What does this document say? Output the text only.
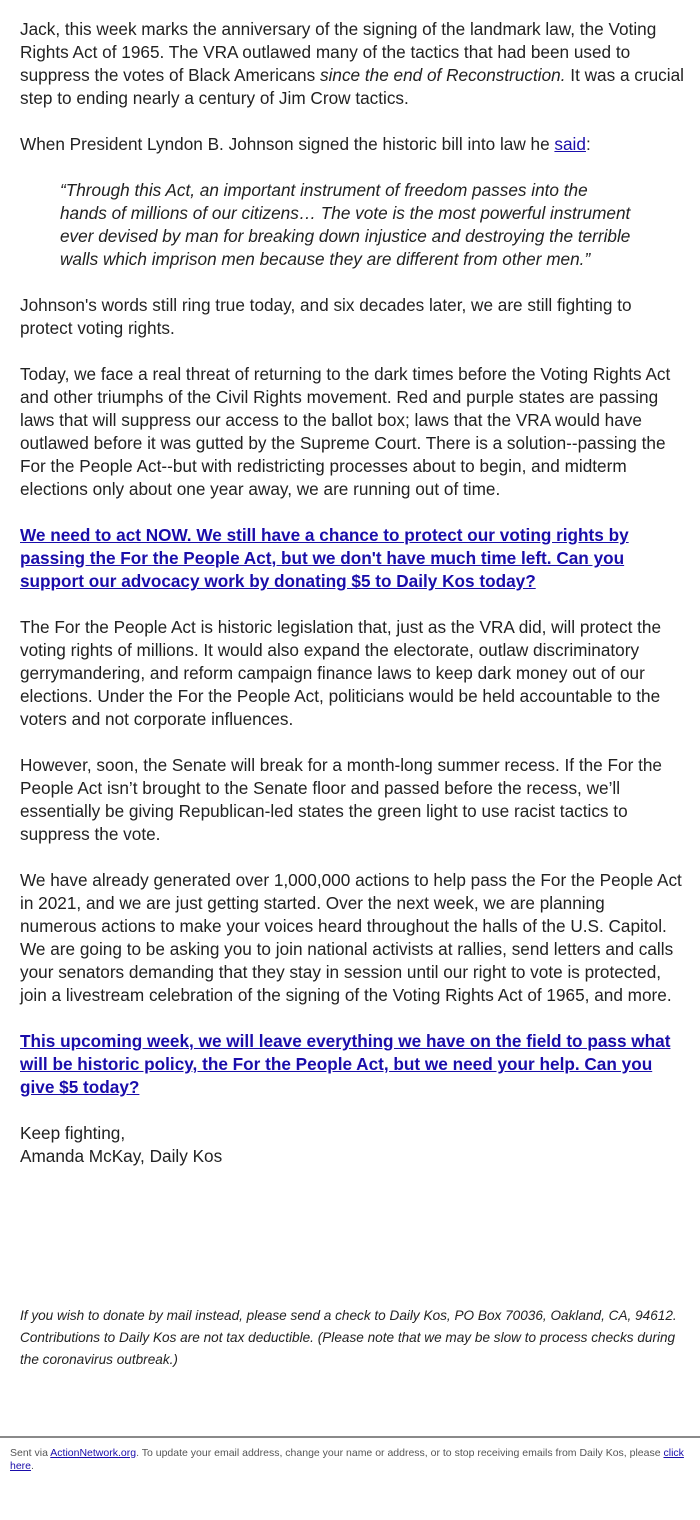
Jack, this week marks the anniversary of the signing of the landmark law, the Voting Rights Act of 1965. The VRA outlawed many of the tactics that had been used to suppress the votes of Black Americans since the end of Reconstruction. It was a crucial step to ending nearly a century of Jim Crow tactics.

When President Lyndon B. Johnson signed the historic bill into law he said:

“Through this Act, an important instrument of freedom passes into the hands of millions of our citizens… The vote is the most powerful instrument ever devised by man for breaking down injustice and destroying the terrible walls which imprison men because they are different from other men.”

Johnson's words still ring true today, and six decades later, we are still fighting to protect voting rights.

Today, we face a real threat of returning to the dark times before the Voting Rights Act and other triumphs of the Civil Rights movement. Red and purple states are passing laws that will suppress our access to the ballot box; laws that the VRA would have outlawed before it was gutted by the Supreme Court. There is a solution--passing the For the People Act--but with redistricting processes about to begin, and midterm elections only about one year away, we are running out of time.

We need to act NOW. We still have a chance to protect our voting rights by passing the For the People Act, but we don't have much time left. Can you support our advocacy work by donating $5 to Daily Kos today?

The For the People Act is historic legislation that, just as the VRA did, will protect the voting rights of millions. It would also expand the electorate, outlaw discriminatory gerrymandering, and reform campaign finance laws to keep dark money out of our elections. Under the For the People Act, politicians would be held accountable to the voters and not corporate influences.

However, soon, the Senate will break for a month-long summer recess. If the For the People Act isn’t brought to the Senate floor and passed before the recess, we’ll essentially be giving Republican-led states the green light to use racist tactics to suppress the vote.

We have already generated over 1,000,000 actions to help pass the For the People Act in 2021, and we are just getting started. Over the next week, we are planning numerous actions to make your voices heard throughout the halls of the U.S. Capitol. We are going to be asking you to join national activists at rallies, send letters and calls your senators demanding that they stay in session until our right to vote is protected, join a livestream celebration of the signing of the Voting Rights Act of 1965, and more.

This upcoming week, we will leave everything we have on the field to pass what will be historic policy, the For the People Act, but we need your help. Can you give $5 today?

Keep fighting,
Amanda McKay, Daily Kos

If you wish to donate by mail instead, please send a check to Daily Kos, PO Box 70036, Oakland, CA, 94612. Contributions to Daily Kos are not tax deductible. (Please note that we may be slow to process checks during the coronavirus outbreak.)
Sent via ActionNetwork.org. To update your email address, change your name or address, or to stop receiving emails from Daily Kos, please click here.
